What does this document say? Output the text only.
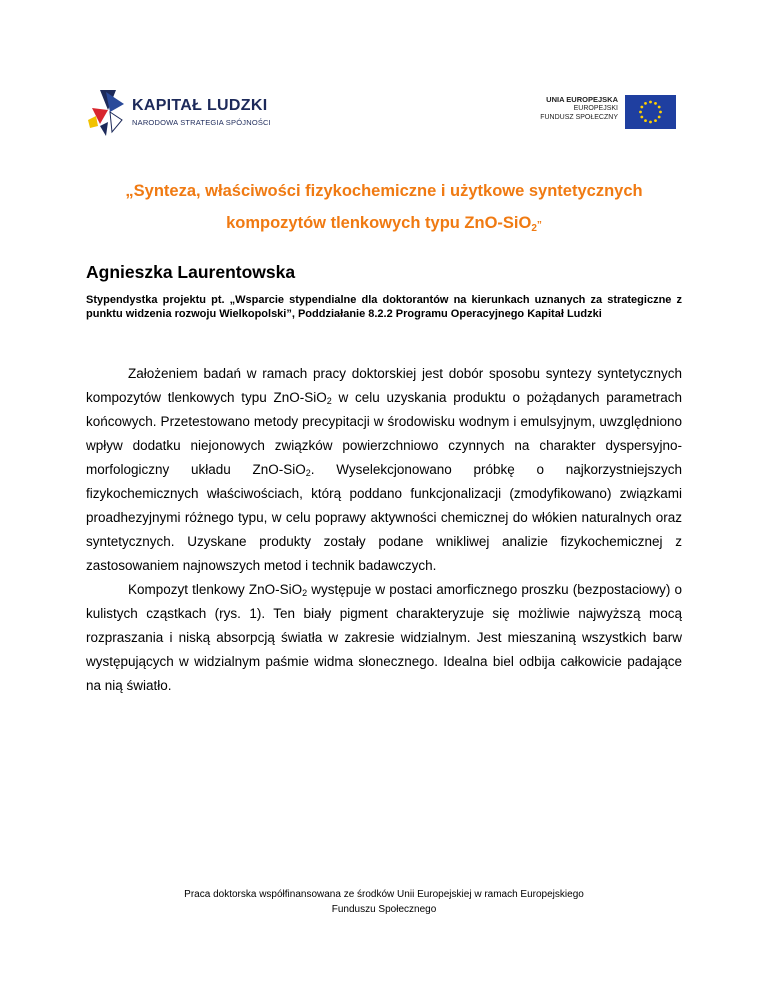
KAPITAŁ LUDZKI
NARODOWA STRATEGIA SPÓJNOŚCI
UNIA EUROPEJSKA
EUROPEJSKI
FUNDUSZ SPOŁECZNY
„Synteza, właściwości fizykochemiczne i użytkowe syntetycznych
kompozytów tlenkowych typu ZnO-SiO$_2$”
Agnieszka Laurentowska
Stypendystka projektu pt. „Wsparcie stypendialne dla doktorantów na kierunkach uznanych za strategiczne z punktu widzenia rozwoju Wielkopolski”, Poddziałanie 8.2.2 Programu Operacyjnego Kapitał Ludzki

Założeniem badań w ramach pracy doktorskiej jest dobór sposobu syntezy syntetycznych kompozytów tlenkowych typu ZnO-SiO$_2$ w celu uzyskania produktu o pożądanych parametrach końcowych. Przetestowano metody precypitacji w środowisku wodnym i emulsyjnym, uwzględniono wpływ dodatku niejonowych związków powierzchniowo czynnych na charakter dyspersyjno-morfologiczny układu ZnO-SiO$_2$. Wyselekcjonowano próbkę o najkorzystniejszych fizykochemicznych właściwościach, którą poddano funkcjonalizacji (zmodyfikowano) związkami proadhezyjnymi różnego typu, w celu poprawy aktywności chemicznej do włókien naturalnych oraz syntetycznych. Uzyskane produkty zostały podane wnikliwej analizie fizykochemicznej z zastosowaniem najnowszych metod i technik badawczych.

Kompozyt tlenkowy ZnO-SiO$_2$ występuje w postaci amorficznego proszku (bezpostaciowy) o kulistych cząstkach (rys. 1). Ten biały pigment charakteryzuje się możliwie najwyższą mocą rozpraszania i niską absorpcją światła w zakresie widzialnym. Jest mieszaniną wszystkich barw występujących w widzialnym paśmie widma słonecznego. Idealna biel odbija całkowicie padające na nią światło.

Praca doktorska współfinansowana ze środków Unii Europejskiej w ramach Europejskiego
Funduszu Społecznego
